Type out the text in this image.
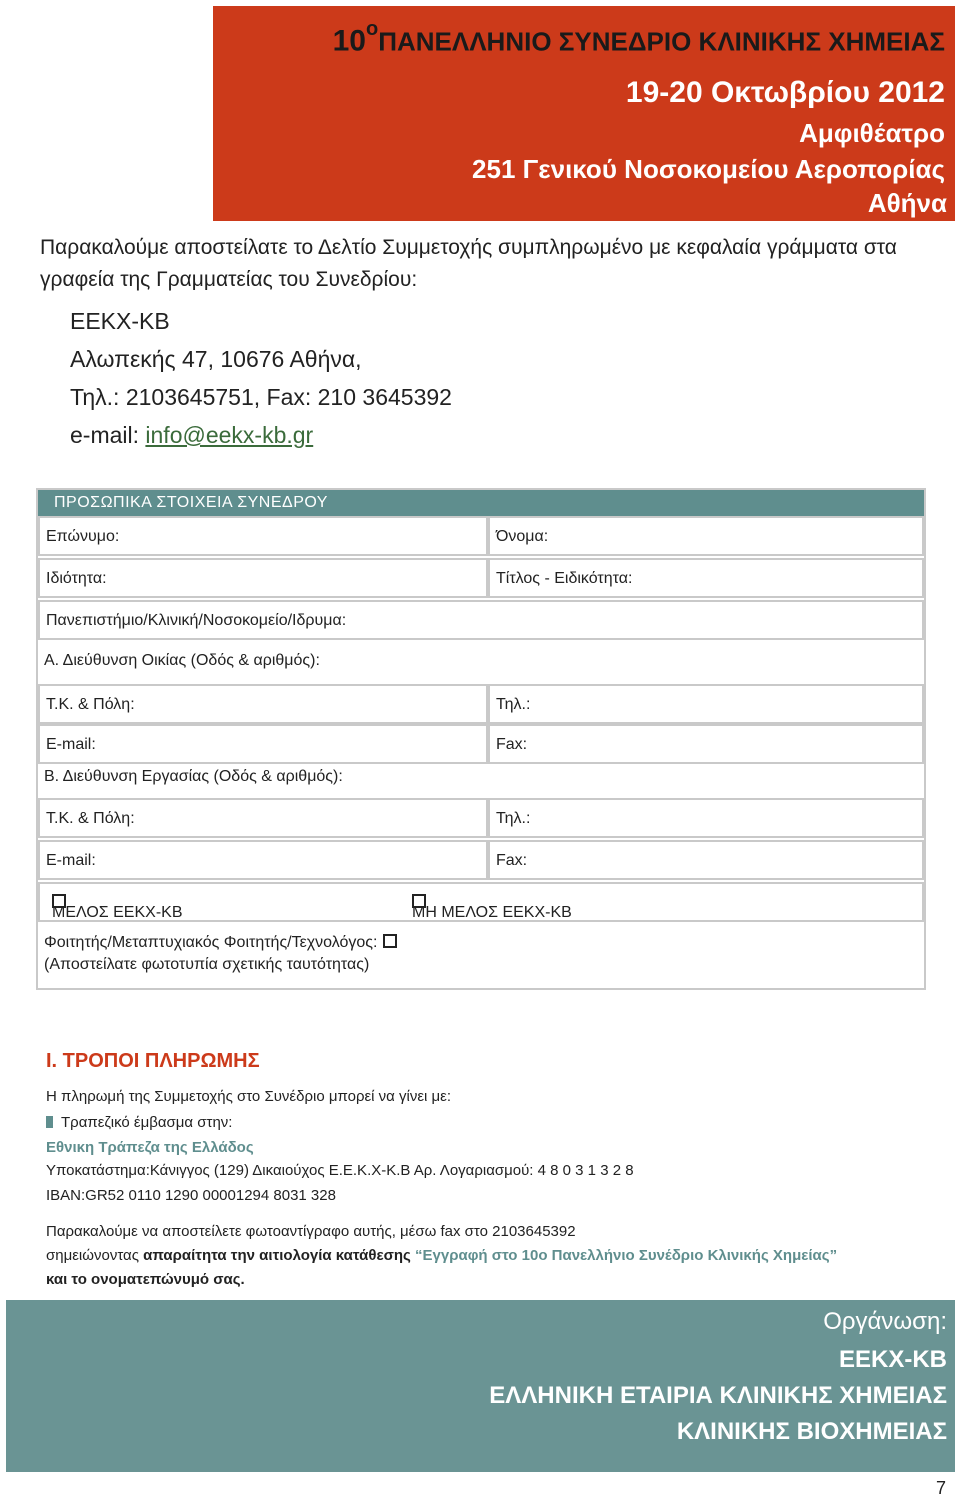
$10^o\Pi ANE\Lambda\Lambda HNIO$ ΣΥΝΕΔΡΙΟ ΚΛΙΝΙΚΗΣ ΧΗΜΕΙΑΣ
19-20 Οκτωβρίου 2012
Αμφιθέατρο
251 Γενικού Νοσοκομείου Αεροπορίας
Αθήνα
Παρακαλούμε αποστείλατε το Δελτίο Συμμετοχής συμπληρωμένο με κεφαλαία γράμματα στα γραφεία της Γραμματείας του Συνεδρίου:
ΕΕΚΧ-ΚΒ
Αλωπεκής 47, 10676 Αθήνα,
Τηλ.: 2103645751, Fax: 210 3645392
e-mail: info@eekx-kb.gr
ΠΡΟΣΩΠΙΚΑ ΣΤΟΙΧΕΙΑ ΣΥΝΕΔΡΟΥ
Επώνυμο:	Όνομα:
Ιδιότητα:	Τίτλος - Ειδικότητα:
Πανεπιστήμιο/Κλινική/Νοσοκομείο/Ιδρυμα:
Α. Διεύθυνση Οικίας (Οδός & αριθμός):
Τ.Κ. & Πόλη:	Τηλ.:
E-mail:	Fax:
Β. Διεύθυνση Εργασίας (Οδός & αριθμός):
Τ.Κ. & Πόλη:	Τηλ.:
E-mail:	Fax:
ΜΕΛΟΣ ΕΕΚΧ-ΚΒ	ΜΗ ΜΕΛΟΣ ΕΕΚΧ-ΚΒ
Φοιτητής/Μεταπτυχιακός Φοιτητής/Τεχνολόγος:
(Αποστείλατε φωτοτυπία σχετικής ταυτότητας)
Ι. ΤΡΟΠΟΙ ΠΛΗΡΩΜΗΣ
Η πληρωμή της Συμμετοχής στο Συνέδριο μπορεί να γίνει με:
Τραπεζικό έμβασμα στην:
Εθνικη Τράπεζα της Ελλάδος
Υποκατάστημα:Κάνιγγος (129) Δικαιούχος Ε.Ε.Κ.Χ-Κ.Β Αρ. Λογαριασμού: 4 8 0 3 1 3 2 8
IBAN:GR52 0110 1290 00001294 8031 328
Παρακαλούμε να αποστείλετε φωτοαντίγραφο αυτής, μέσω fax στο 2103645392
σημειώνοντας απαραίτητα την αιτιολογία κατάθεσης “Εγγραφή στο 10ο Πανελλήνιο Συνέδριο Κλινικής Χημείας”
και το ονοματεπώνυμό σας.
Οργάνωση:
ΕΕΚΧ-ΚΒ
ΕΛΛΗΝΙΚΗ ΕΤΑΙΡΙΑ ΚΛΙΝΙΚΗΣ ΧΗΜΕΙΑΣ
ΚΛΙΝΙΚΗΣ ΒΙΟΧΗΜΕΙΑΣ
7
